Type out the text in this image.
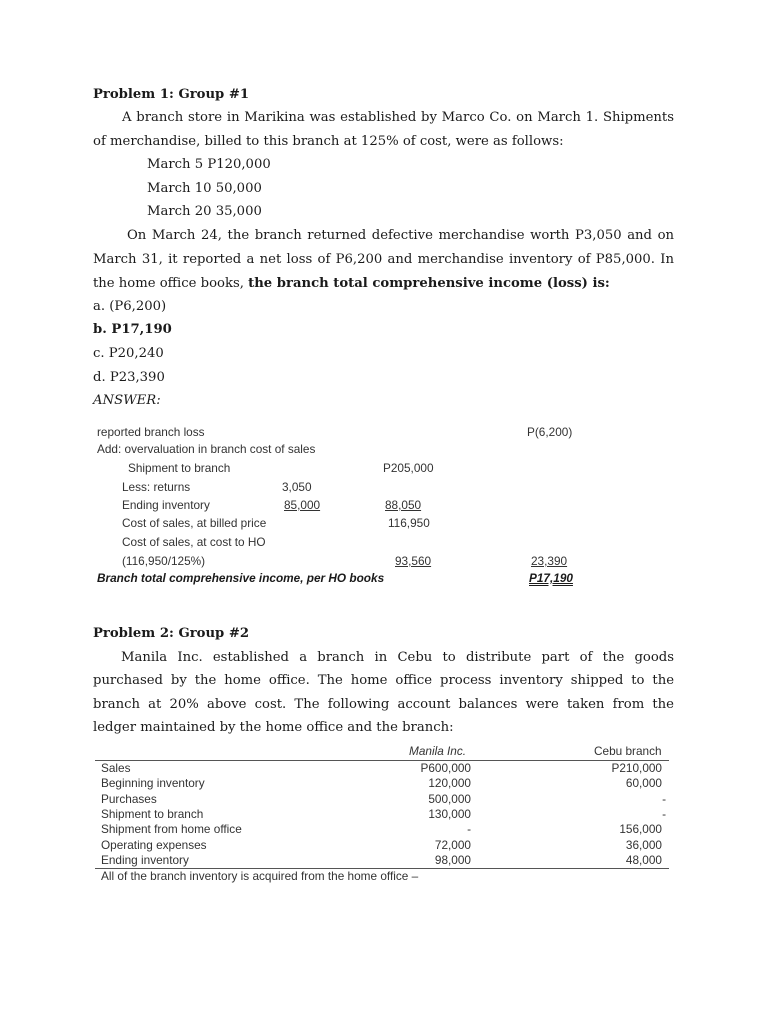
Problem 1: Group #1
A branch store in Marikina was established by Marco Co. on March 1. Shipments
of merchandise, billed to this branch at 125% of cost, were as follows:
March 5 P120,000
March 10 50,000
March 20 35,000
On March 24, the branch returned defective merchandise worth P3,050 and on
March 31, it reported a net loss of P6,200 and merchandise inventory of P85,000. In
the home office books, the branch total comprehensive income (loss) is:
a. (P6,200)
b. P17,190
c. P20,240
d. P23,390
ANSWER:
reported branch loss	P(6,200)
Add: overvaluation in branch cost of sales
Shipment to branch	P205,000
Less: returns	3,050
Ending inventory	85,000	88,050
Cost of sales, at billed price	116,950
Cost of sales, at cost to HO
(116,950/125%)	93,560	23,390
Branch total comprehensive income, per HO books	P17,190
Problem 2: Group #2
Manila Inc. established a branch in Cebu to distribute part of the goods
purchased by the home office. The home office process inventory shipped to the
branch at 20% above cost. The following account balances were taken from the
ledger maintained by the home office and the branch:
Manila Inc.	Cebu branch
Sales	P600,000	P210,000
Beginning inventory	120,000	60,000
Purchases	500,000	-
Shipment to branch	130,000	-
Shipment from home office	-	156,000
Operating expenses	72,000	36,000
Ending inventory	98,000	48,000
All of the branch inventory is acquired from the home office –
